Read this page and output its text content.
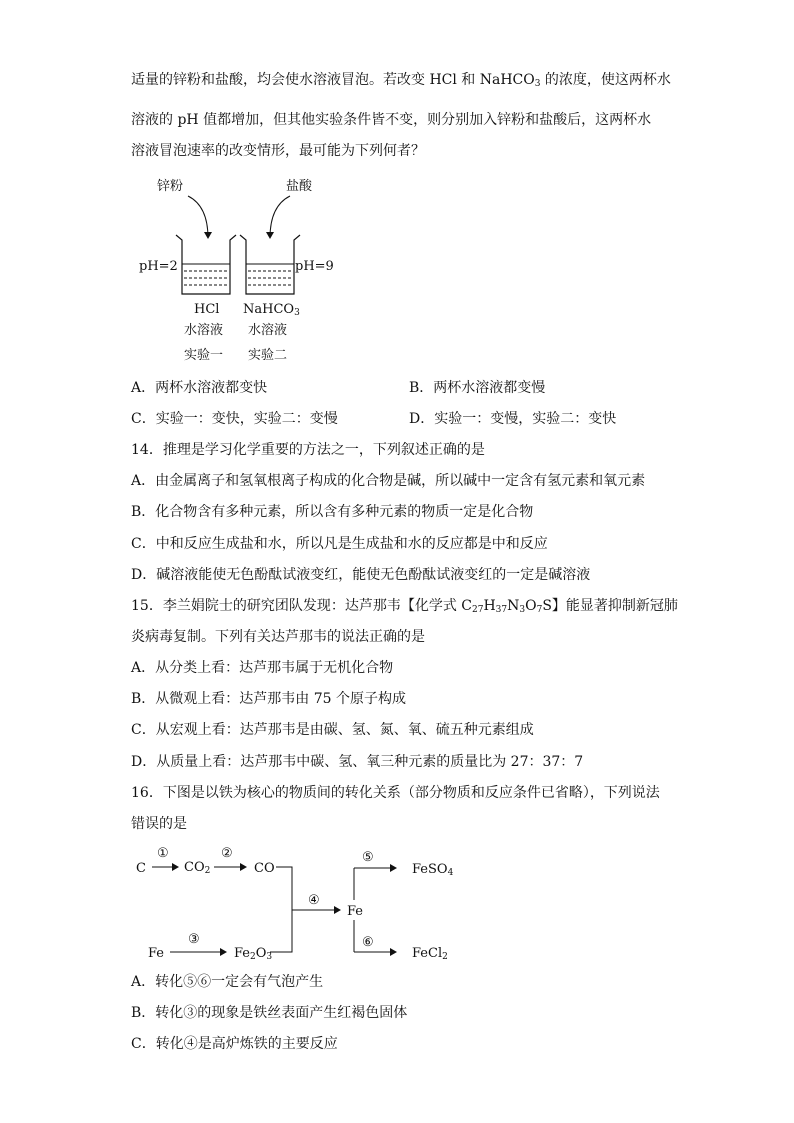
适量的锌粉和盐酸，均会使水溶液冒泡。若改变 HCl 和 NaHCO$_3$ 的浓度，使这两杯水
溶液的 pH 值都增加，但其他实验条件皆不变，则分别加入锌粉和盐酸后，这两杯水
溶液冒泡速率的改变情形，最可能为下列何者？
锌粉	盐酸
pH=2	pH=9
HCl NaHCO3
水溶液 水溶液
实验一 实验二
A．两杯水溶液都变快	B．两杯水溶液都变慢
C．实验一：变快，实验二：变慢	D．实验一：变慢，实验二：变快
14．推理是学习化学重要的方法之一，下列叙述正确的是
A．由金属离子和氢氧根离子构成的化合物是碱，所以碱中一定含有氢元素和氧元素
B．化合物含有多种元素，所以含有多种元素的物质一定是化合物
C．中和反应生成盐和水，所以凡是生成盐和水的反应都是中和反应
D．碱溶液能使无色酚酞试液变红，能使无色酚酞试液变红的一定是碱溶液
15．李兰娟院士的研究团队发现：达芦那韦【化学式 $C_{27}H_{37}N_3O_7S$】能显著抑制新冠肺
炎病毒复制。下列有关达芦那韦的说法正确的是
A．从分类上看：达芦那韦属于无机化合物
B．从微观上看：达芦那韦由 75 个原子构成
C．从宏观上看：达芦那韦是由碳、氢、氮、氧、硫五种元素组成
D．从质量上看：达芦那韦中碳、氢、氧三种元素的质量比为 27：37：7
16．下图是以铁为核心的物质间的转化关系（部分物质和反应条件已省略），下列说法
错误的是
C
①
CO2
②
CO
Fe
③
Fe2O3
④
Fe
⑤
FeSO4
⑥
FeCl2
A．转化⑤⑥一定会有气泡产生
B．转化③的现象是铁丝表面产生红褐色固体
C．转化④是高炉炼铁的主要反应
